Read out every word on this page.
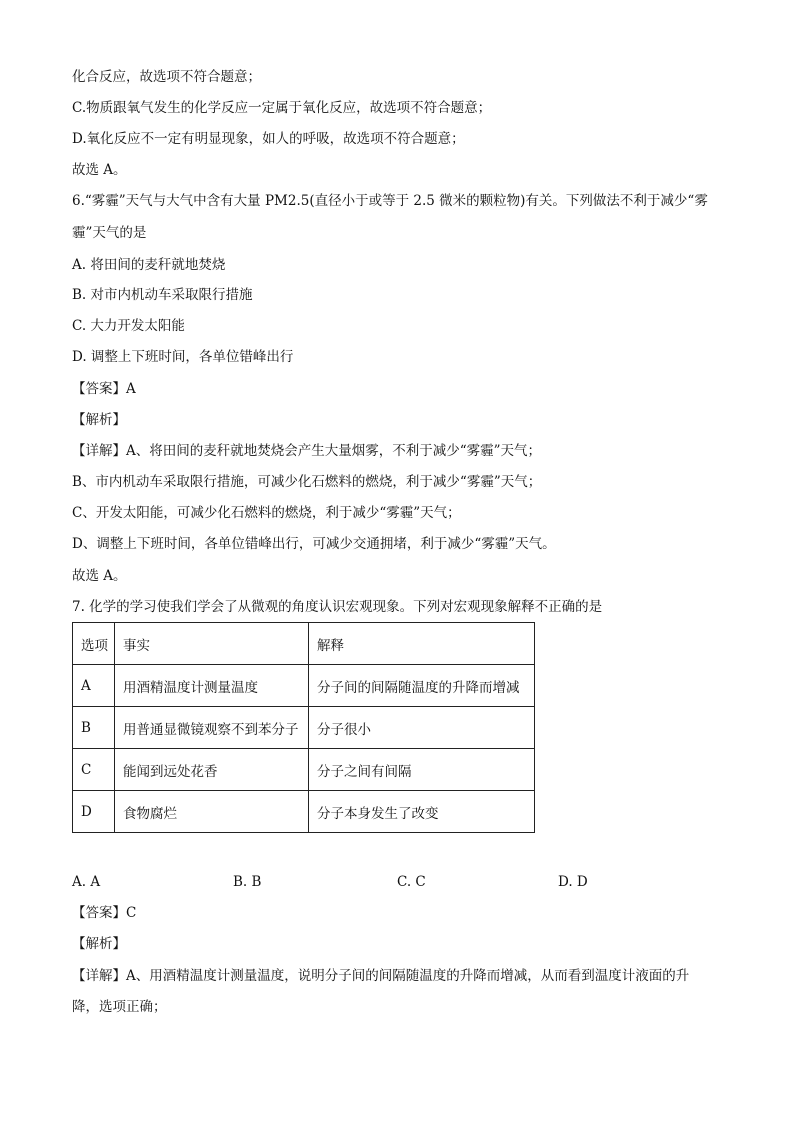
化合反应，故选项不符合题意；
C.物质跟氧气发生的化学反应一定属于氧化反应，故选项不符合题意；
D.氧化反应不一定有明显现象，如人的呼吸，故选项不符合题意；
故选 A。
6.“雾霾”天气与大气中含有大量 PM2.5(直径小于或等于 2.5 微米的颗粒物)有关。下列做法不利于减少“雾
霾”天气的是
A. 将田间的麦秆就地焚烧
B. 对市内机动车采取限行措施
C. 大力开发太阳能
D. 调整上下班时间，各单位错峰出行
【答案】A
【解析】
【详解】A、将田间的麦秆就地焚烧会产生大量烟雾，不利于减少“雾霾”天气；
B、市内机动车采取限行措施，可减少化石燃料的燃烧，利于减少“雾霾”天气；
C、开发太阳能，可减少化石燃料的燃烧，利于减少“雾霾”天气；
D、调整上下班时间，各单位错峰出行，可减少交通拥堵，利于减少“雾霾”天气。
故选 A。
7. 化学的学习使我们学会了从微观的角度认识宏观现象。下列对宏观现象解释不正确的是
选项	事实	解释
A	用酒精温度计测量温度	分子间的间隔随温度的升降而增减
B	用普通显微镜观察不到苯分子	分子很小
C	能闻到远处花香	分子之间有间隔
D	食物腐烂	分子本身发生了改变
A. A	B. B	C. C	D. D
【答案】C
【解析】
【详解】A、用酒精温度计测量温度，说明分子间的间隔随温度的升降而增减，从而看到温度计液面的升
降，选项正确；
